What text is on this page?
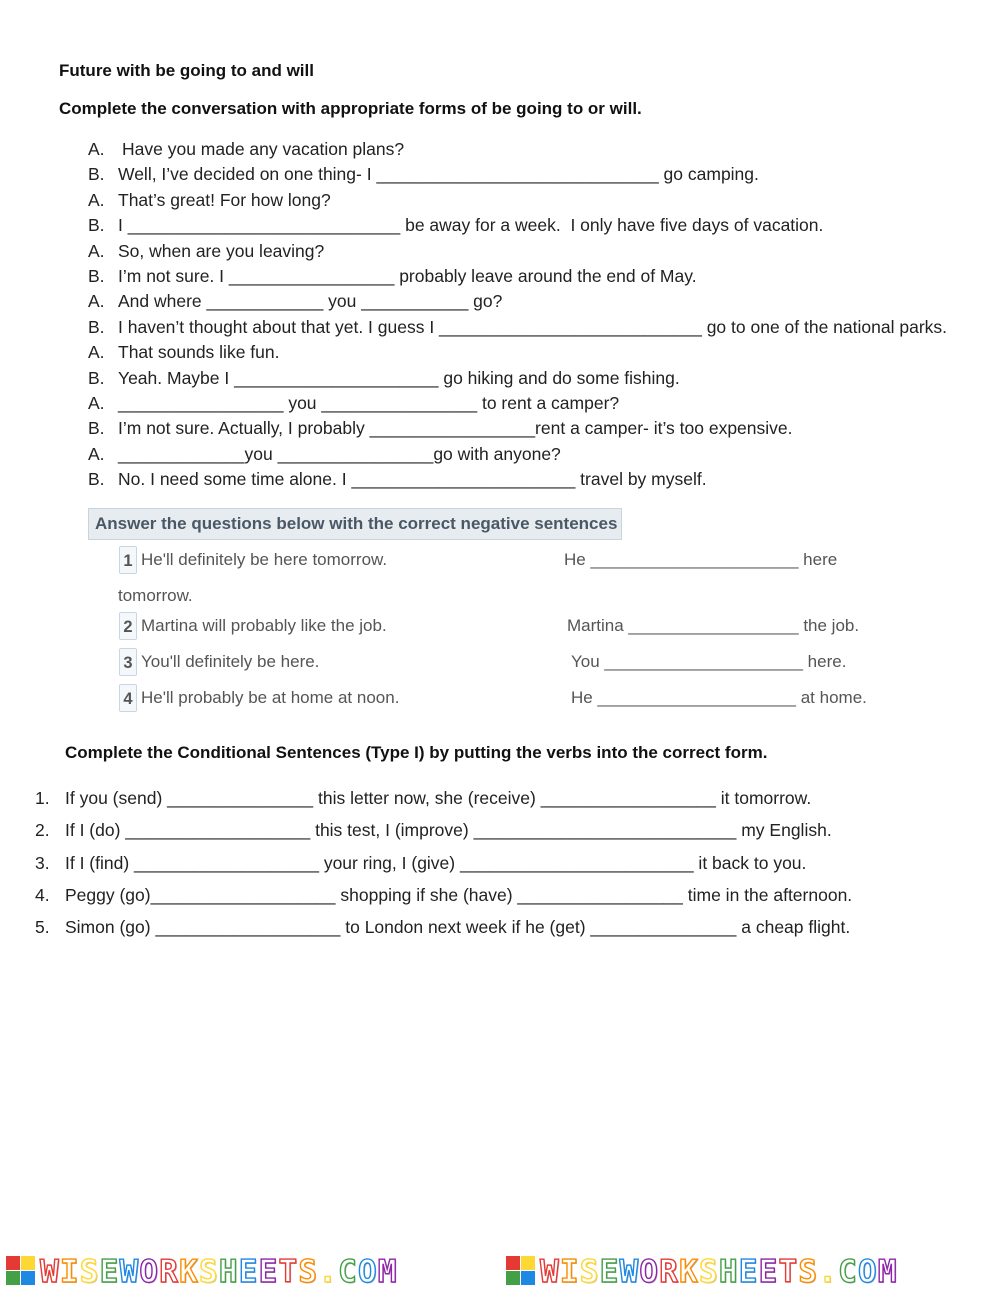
Future with be going to and will
Complete the conversation with appropriate forms of be going to or will.
A. Have you made any vacation plans?
B. Well, I’ve decided on one thing- I _____________________________ go camping.
A. That’s great! For how long?
B. I ____________________________ be away for a week.  I only have five days of vacation.
A. So, when are you leaving?
B. I’m not sure. I _________________ probably leave around the end of May.
A. And where ____________ you ___________ go?
B. I haven’t thought about that yet. I guess I ___________________________ go to one of the national parks.
A. That sounds like fun.
B. Yeah. Maybe I _____________________ go hiking and do some fishing.
A. _________________ you ________________ to rent a camper?
B. I’m not sure. Actually, I probably _________________rent a camper- it’s too expensive.
A. _____________you ________________go with anyone?
B. No. I need some time alone. I _______________________ travel by myself.
Answer the questions below with the correct negative sentences
1 He'll definitely be here tomorrow.	He ______________________ here
tomorrow.
2 Martina will probably like the job.	Martina __________________ the job.
3 You'll definitely be here.	You _____________________ here.
4 He'll probably be at home at noon.	He _____________________ at home.
Complete the Conditional Sentences (Type I) by putting the verbs into the correct form.
1. If you (send) _______________ this letter now, she (receive) __________________ it tomorrow.
2. If I (do) ___________________ this test, I (improve) ___________________________ my English.
3. If I (find) ___________________ your ring, I (give) ________________________ it back to you.
4. Peggy (go)___________________ shopping if she (have) _________________ time in the afternoon.
5. Simon (go) ___________________ to London next week if he (get) _______________ a cheap flight.
WISEWORKSHEETS.COM	WISEWORKSHEETS.COM
